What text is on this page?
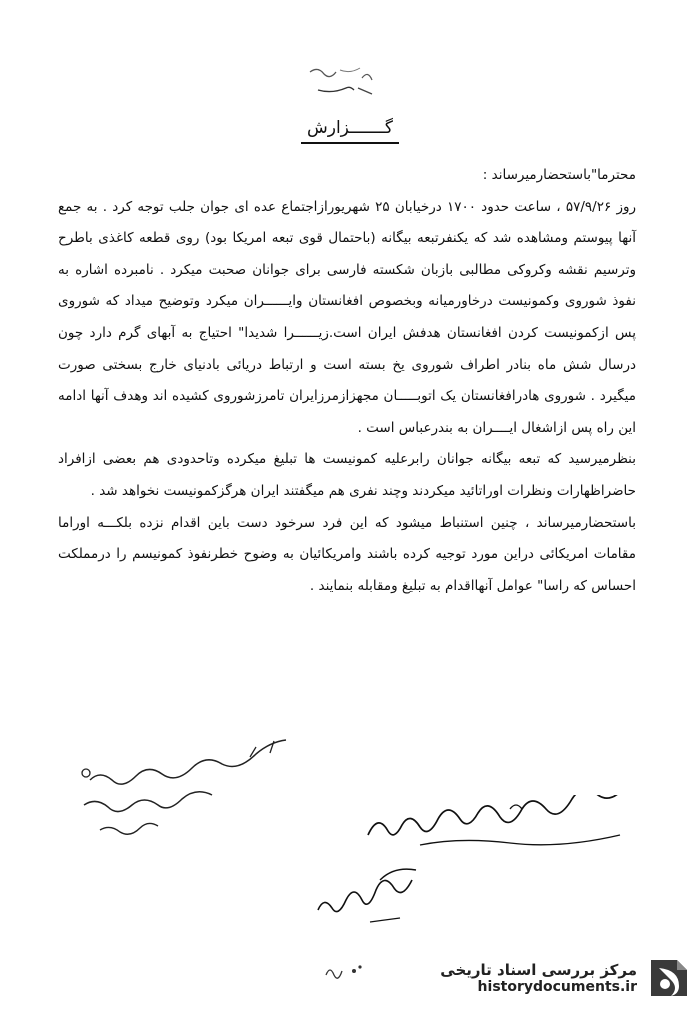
گـــــــزارش

محترما"باستحضارمیرساند :

روز ۵۷/۹/۲۶ ، ساعت حدود ۱۷۰۰ درخیابان ۲۵ شهریورازاجتماع عده ای جوان جلب توجه کرد . به جمع آنها پیوستم ومشاهده شد که یکنفرتبعه بیگانه (باحتمال قوی تبعه امریکا بود) روی قطعه کاغذی باطرح وترسیم نقشه وکروکی مطالبی بازبان شکسته فارسی برای جوانان صحبت میکرد . نامبرده اشاره به نفوذ شوروی وکمونیست درخاورمیانه وبخصوص افغانستان وایــــــران میکرد وتوضیح میداد که شوروی پس ازکمونیست کردن افغانستان هدفش ایران است.زیــــــرا شدیدا" احتیاج به آبهای گرم دارد چون درسال شش ماه بنادر اطراف شوروی یخ بسته است و ارتباط دریائی بادنیای خارج بسختی صورت میگیرد . شوروی هادرافغانستان یک اتوبـــــان مجهزازمرزایران تامرزشوروی کشیده اند وهدف آنها ادامه این راه پس ازاشغال ایــــران به بندرعباس است .

بنظرمیرسید که تبعه بیگانه جوانان رابرعلیه کمونیست ها تبلیغ میکرده وتاحدودی هم بعضی ازافراد حاضراظهارات ونظرات اوراتائید میکردند وچند نفری هم میگفتند ایران هرگزکمونیست نخواهد شد .

باستحضارمیرساند ، چنین استنباط میشود که این فرد سرخود دست باین اقدام نزده بلکـــه اوراما مقامات امریکائی دراین مورد توجیه کرده باشند وامریکائیان به وضوح خطرنفوذ کمونیسم را درمملکت احساس که راسا" عوامل آنهااقدام به تبلیغ ومقابله بنمایند .

مرکز بررسی اسناد تاریخی
historydocuments.ir
